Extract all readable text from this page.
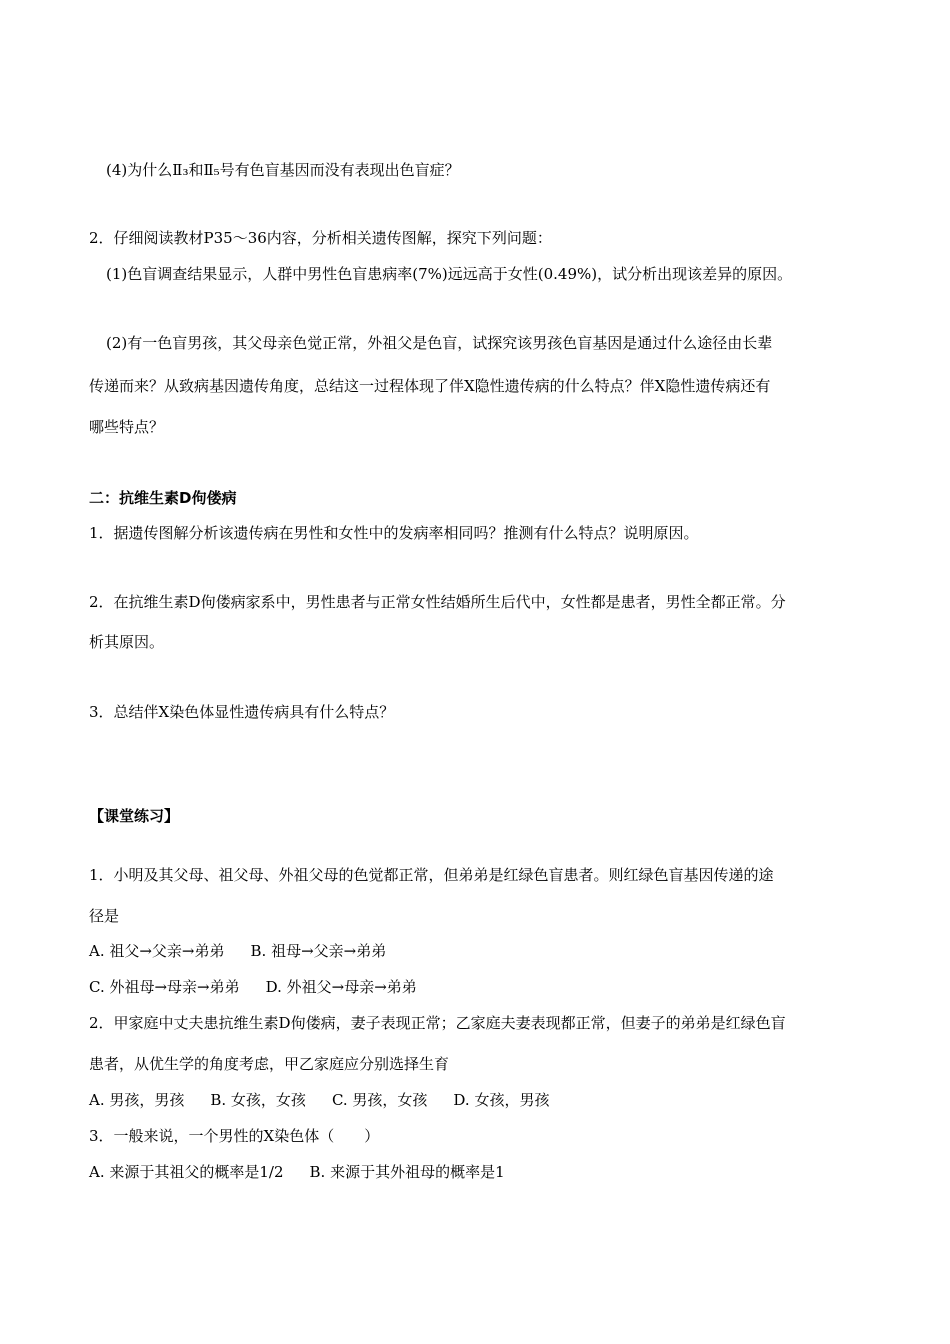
(4)为什么Ⅱ₃和Ⅱ₅号有色盲基因而没有表现出色盲症？
2．仔细阅读教材P35～36内容，分析相关遗传图解，探究下列问题：
(1)色盲调查结果显示，人群中男性色盲患病率(7%)远远高于女性(0.49%)，试分析出现该差异的原因。
(2)有一色盲男孩，其父母亲色觉正常，外祖父是色盲，试探究该男孩色盲基因是通过什么途径由长辈
传递而来？从致病基因遗传角度，总结这一过程体现了伴X隐性遗传病的什么特点？伴X隐性遗传病还有
哪些特点？
二：抗维生素D佝偻病
1．据遗传图解分析该遗传病在男性和女性中的发病率相同吗？推测有什么特点？说明原因。
2．在抗维生素D佝偻病家系中，男性患者与正常女性结婚所生后代中，女性都是患者，男性全都正常。分
析其原因。
3．总结伴X染色体显性遗传病具有什么特点？
【课堂练习】
1．小明及其父母、祖父母、外祖父母的色觉都正常，但弟弟是红绿色盲患者。则红绿色盲基因传递的途
径是
A. 祖父→父亲→弟弟 B. 祖母→父亲→弟弟
C. 外祖母→母亲→弟弟 D. 外祖父→母亲→弟弟
2．甲家庭中丈夫患抗维生素D佝偻病，妻子表现正常；乙家庭夫妻表现都正常，但妻子的弟弟是红绿色盲
患者，从优生学的角度考虑，甲乙家庭应分别选择生育
A. 男孩，男孩 B. 女孩，女孩 C. 男孩，女孩 D. 女孩，男孩
3．一般来说，一个男性的X染色体（　　）
A. 来源于其祖父的概率是1/2 B. 来源于其外祖母的概率是1
